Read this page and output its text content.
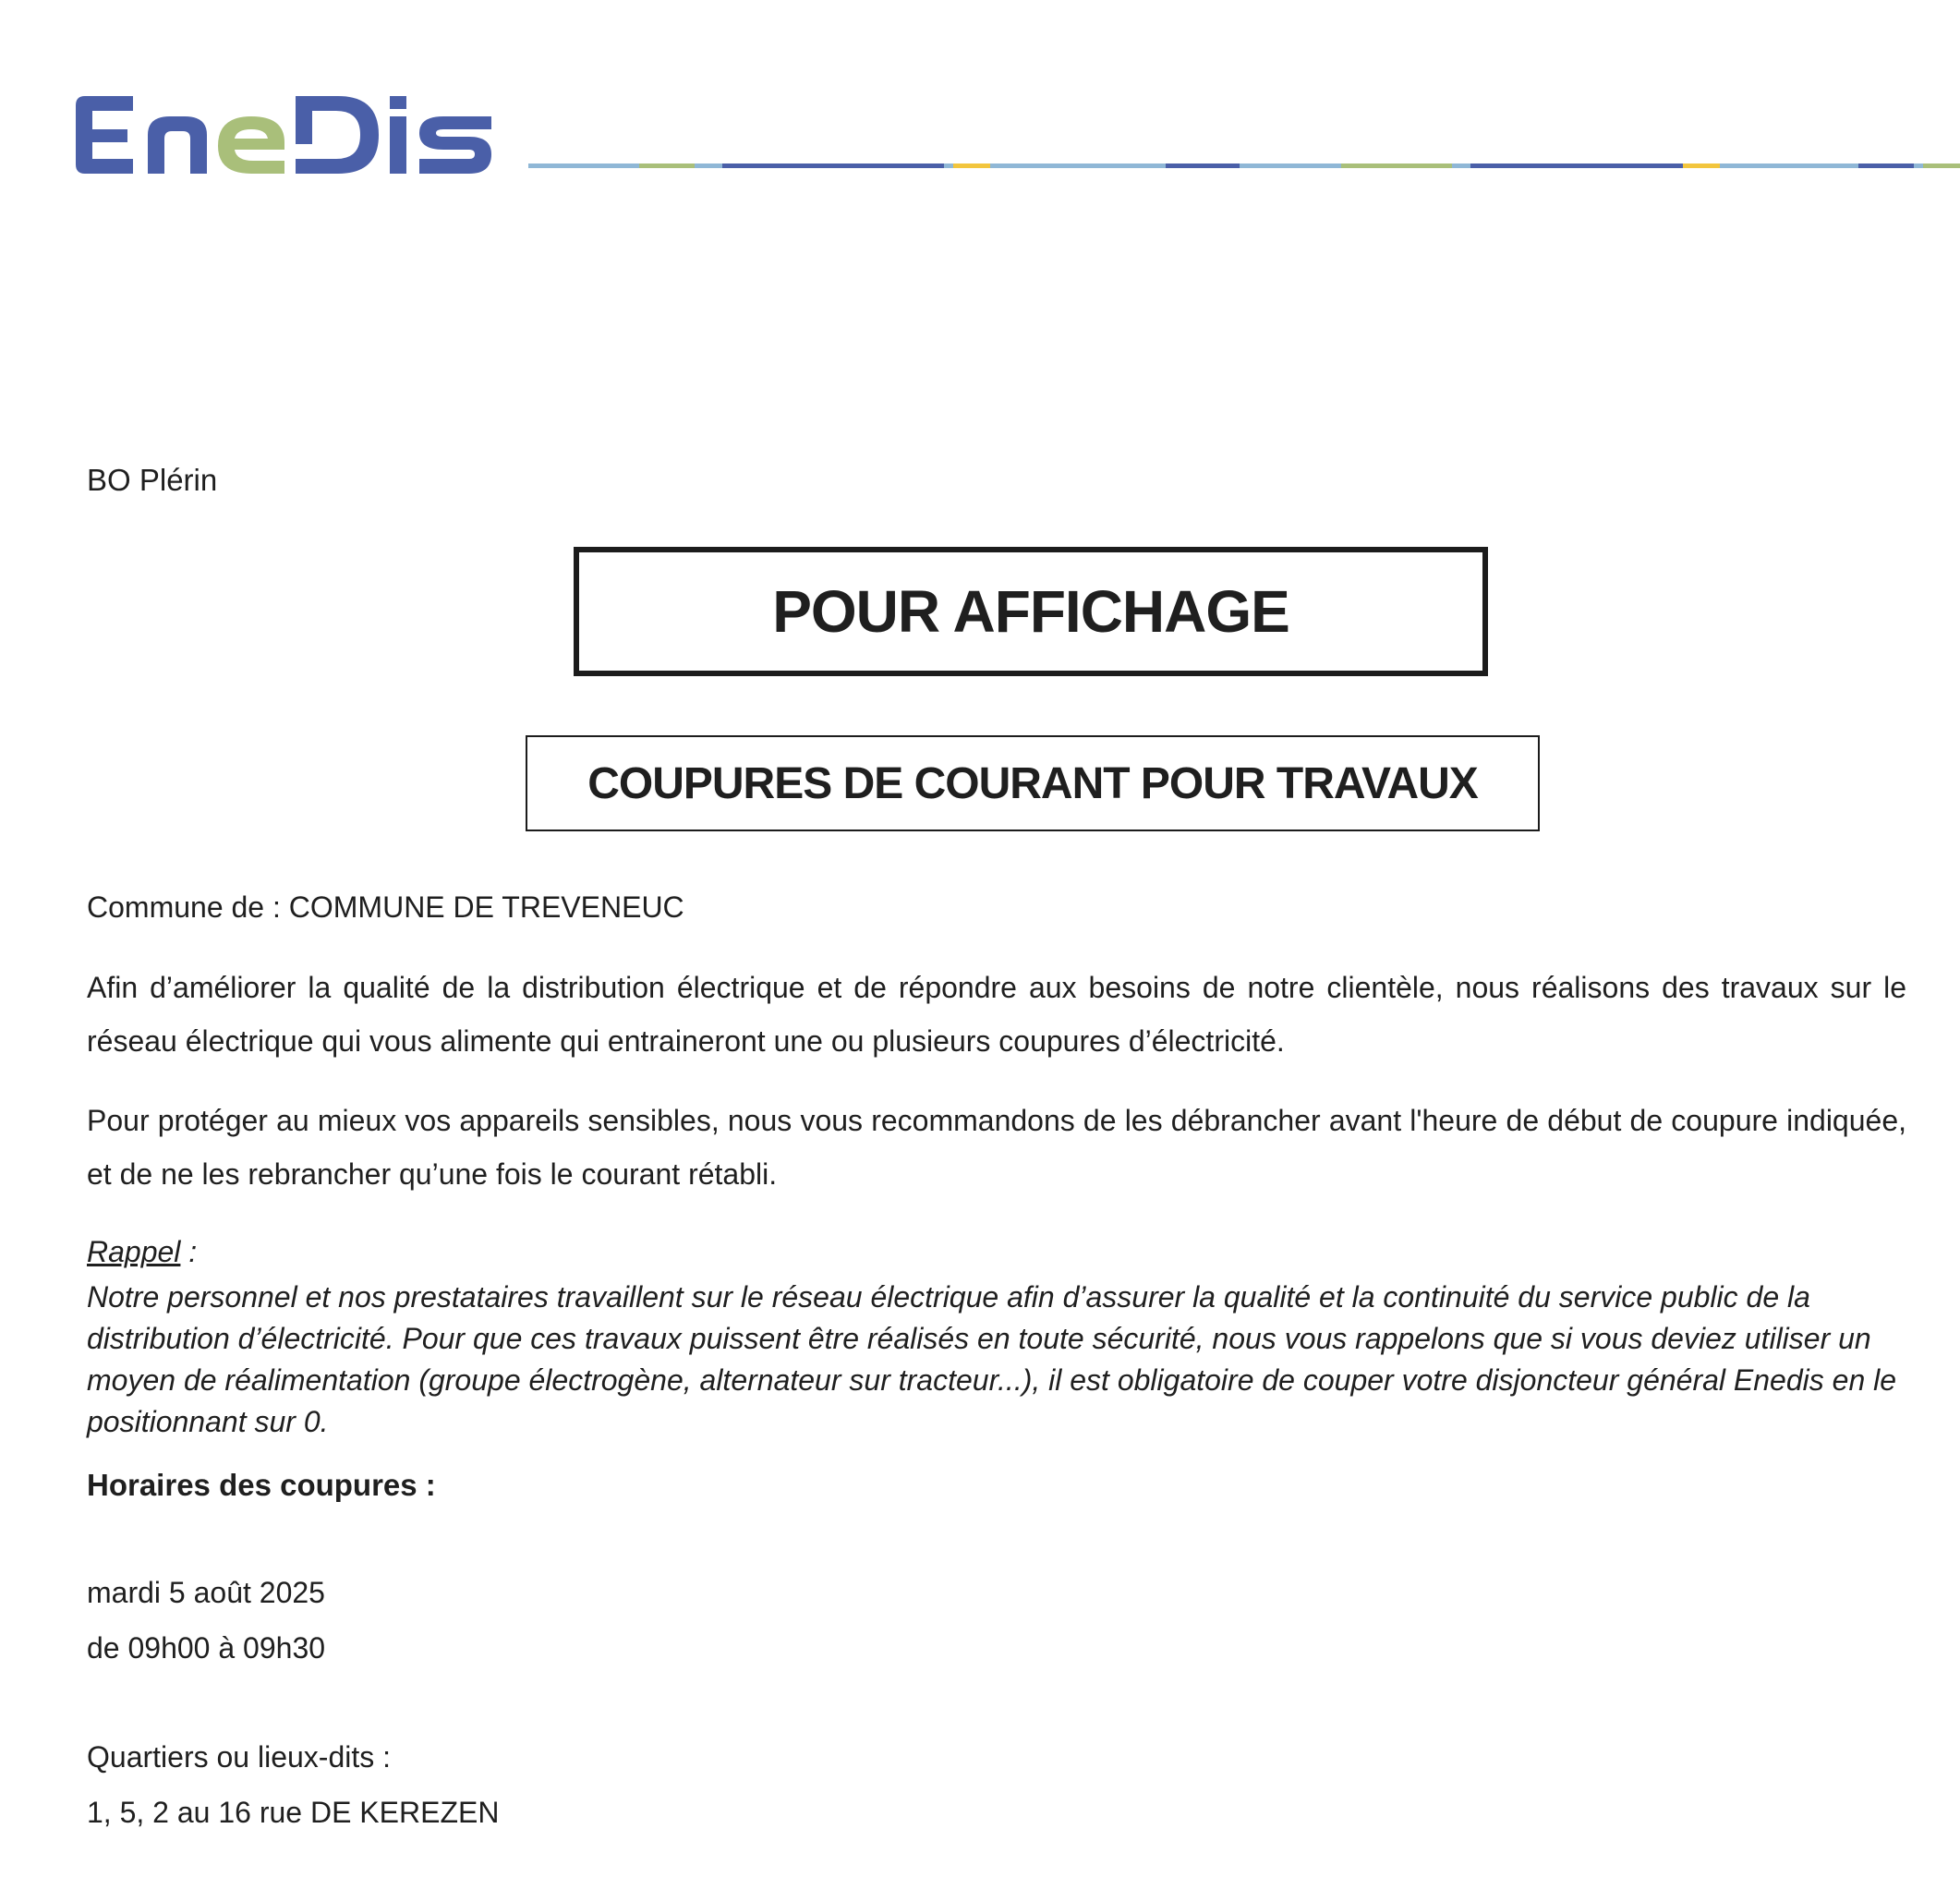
BO Plérin
POUR AFFICHAGE
COUPURES DE COURANT POUR TRAVAUX
Commune de : COMMUNE DE TREVENEUC
Afin d’améliorer la qualité de la distribution électrique et de répondre aux besoins de notre clientèle, nous réalisons des travaux sur le réseau électrique qui vous alimente qui entraineront une ou plusieurs coupures d’électricité.
Pour protéger au mieux vos appareils sensibles, nous vous recommandons de les débrancher avant l'heure de début de coupure indiquée, et de ne les rebrancher qu’une fois le courant rétabli.
Rappel :
Notre personnel et nos prestataires travaillent sur le réseau électrique afin d’assurer la qualité et la continuité du service public de la distribution d’électricité. Pour que ces travaux puissent être réalisés en toute sécurité, nous vous rappelons que si vous deviez utiliser un moyen de réalimentation (groupe électrogène, alternateur sur tracteur...), il est obligatoire de couper votre disjoncteur général Enedis en le positionnant sur 0.
Horaires des coupures :
mardi 5 août 2025
de 09h00 à 09h30
Quartiers ou lieux-dits :
1, 5, 2 au 16 rue DE KEREZEN
